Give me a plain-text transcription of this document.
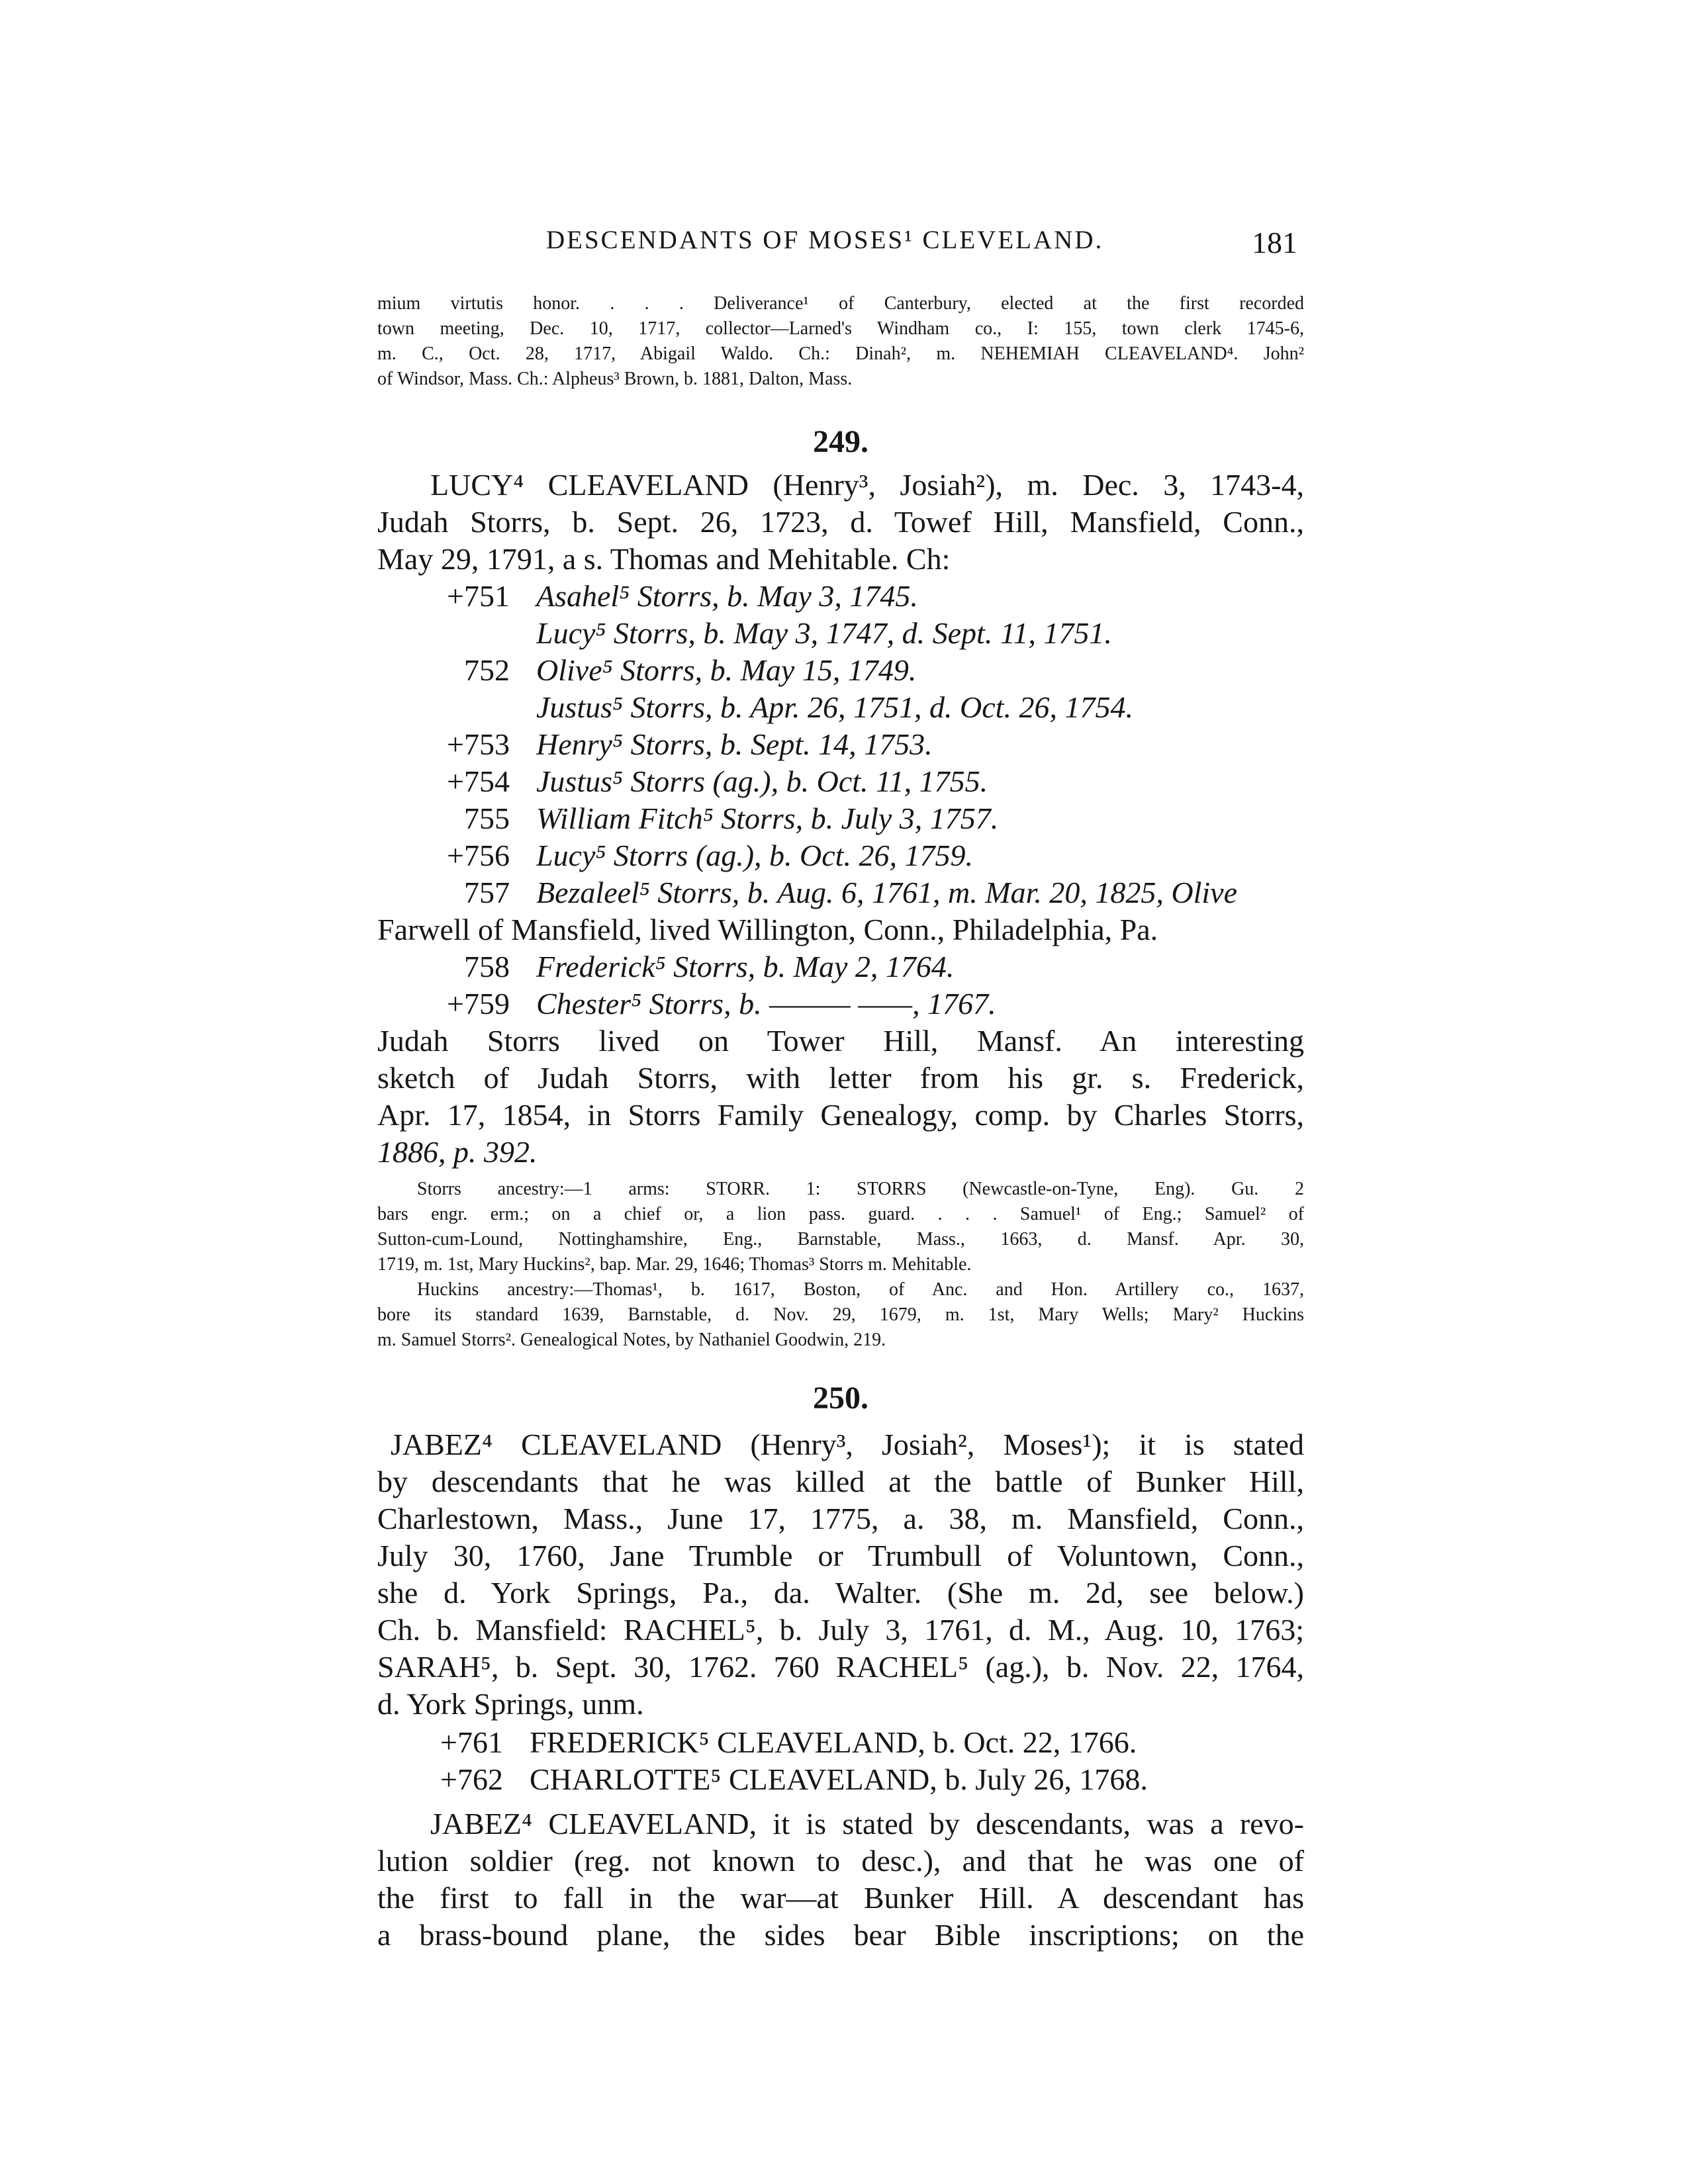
DESCENDANTS OF MOSES¹ CLEVELAND.	181
mium virtutis honor. . . . Deliverance¹ of Canterbury, elected at the first recorded
town meeting, Dec. 10, 1717, collector—Larned's Windham co., I: 155, town clerk 1745-6,
m. C., Oct. 28, 1717, Abigail Waldo. Ch.: Dinah², m. NEHEMIAH CLEAVELAND⁴. John²
of Windsor, Mass. Ch.: Alpheus³ Brown, b. 1881, Dalton, Mass.
249.
LUCY⁴ CLEAVELAND (Henry³, Josiah²), m. Dec. 3, 1743-4,
Judah Storrs, b. Sept. 26, 1723, d. Towef Hill, Mansfield, Conn.,
May 29, 1791, a s. Thomas and Mehitable. Ch:
+751 Asahel⁵ Storrs, b. May 3, 1745.
Lucy⁵ Storrs, b. May 3, 1747, d. Sept. 11, 1751.
752 Olive⁵ Storrs, b. May 15, 1749.
Justus⁵ Storrs, b. Apr. 26, 1751, d. Oct. 26, 1754.
+753 Henry⁵ Storrs, b. Sept. 14, 1753.
+754 Justus⁵ Storrs (ag.), b. Oct. 11, 1755.
755 William Fitch⁵ Storrs, b. July 3, 1757.
+756 Lucy⁵ Storrs (ag.), b. Oct. 26, 1759.
757 Bezaleel⁵ Storrs, b. Aug. 6, 1761, m. Mar. 20, 1825, Olive
Farwell of Mansfield, lived Willington, Conn., Philadelphia, Pa.
758 Frederick⁵ Storrs, b. May 2, 1764.
+759 Chester⁵ Storrs, b. ——— ——, 1767.
Judah Storrs lived on Tower Hill, Mansf. An interesting
sketch of Judah Storrs, with letter from his gr. s. Frederick,
Apr. 17, 1854, in Storrs Family Genealogy, comp. by Charles Storrs,
1886, p. 392.
Storrs ancestry:—1 arms: STORR. 1: STORRS (Newcastle-on-Tyne, Eng). Gu. 2
bars engr. erm.; on a chief or, a lion pass. guard. . . . Samuel¹ of Eng.; Samuel² of
Sutton-cum-Lound, Nottinghamshire, Eng., Barnstable, Mass., 1663, d. Mansf. Apr. 30,
1719, m. 1st, Mary Huckins², bap. Mar. 29, 1646; Thomas³ Storrs m. Mehitable.
Huckins ancestry:—Thomas¹, b. 1617, Boston, of Anc. and Hon. Artillery co., 1637,
bore its standard 1639, Barnstable, d. Nov. 29, 1679, m. 1st, Mary Wells; Mary² Huckins
m. Samuel Storrs². Genealogical Notes, by Nathaniel Goodwin, 219.
250.
JABEZ⁴ CLEAVELAND (Henry³, Josiah², Moses¹); it is stated
by descendants that he was killed at the battle of Bunker Hill,
Charlestown, Mass., June 17, 1775, a. 38, m. Mansfield, Conn.,
July 30, 1760, Jane Trumble or Trumbull of Voluntown, Conn.,
she d. York Springs, Pa., da. Walter. (She m. 2d, see below.)
Ch. b. Mansfield: RACHEL⁵, b. July 3, 1761, d. M., Aug. 10, 1763;
SARAH⁵, b. Sept. 30, 1762. 760 RACHEL⁵ (ag.), b. Nov. 22, 1764,
d. York Springs, unm.
+761 FREDERICK⁵ CLEAVELAND, b. Oct. 22, 1766.
+762 CHARLOTTE⁵ CLEAVELAND, b. July 26, 1768.
JABEZ⁴ CLEAVELAND, it is stated by descendants, was a revo-
lution soldier (reg. not known to desc.), and that he was one of
the first to fall in the war—at Bunker Hill. A descendant has
a brass-bound plane, the sides bear Bible inscriptions; on the
